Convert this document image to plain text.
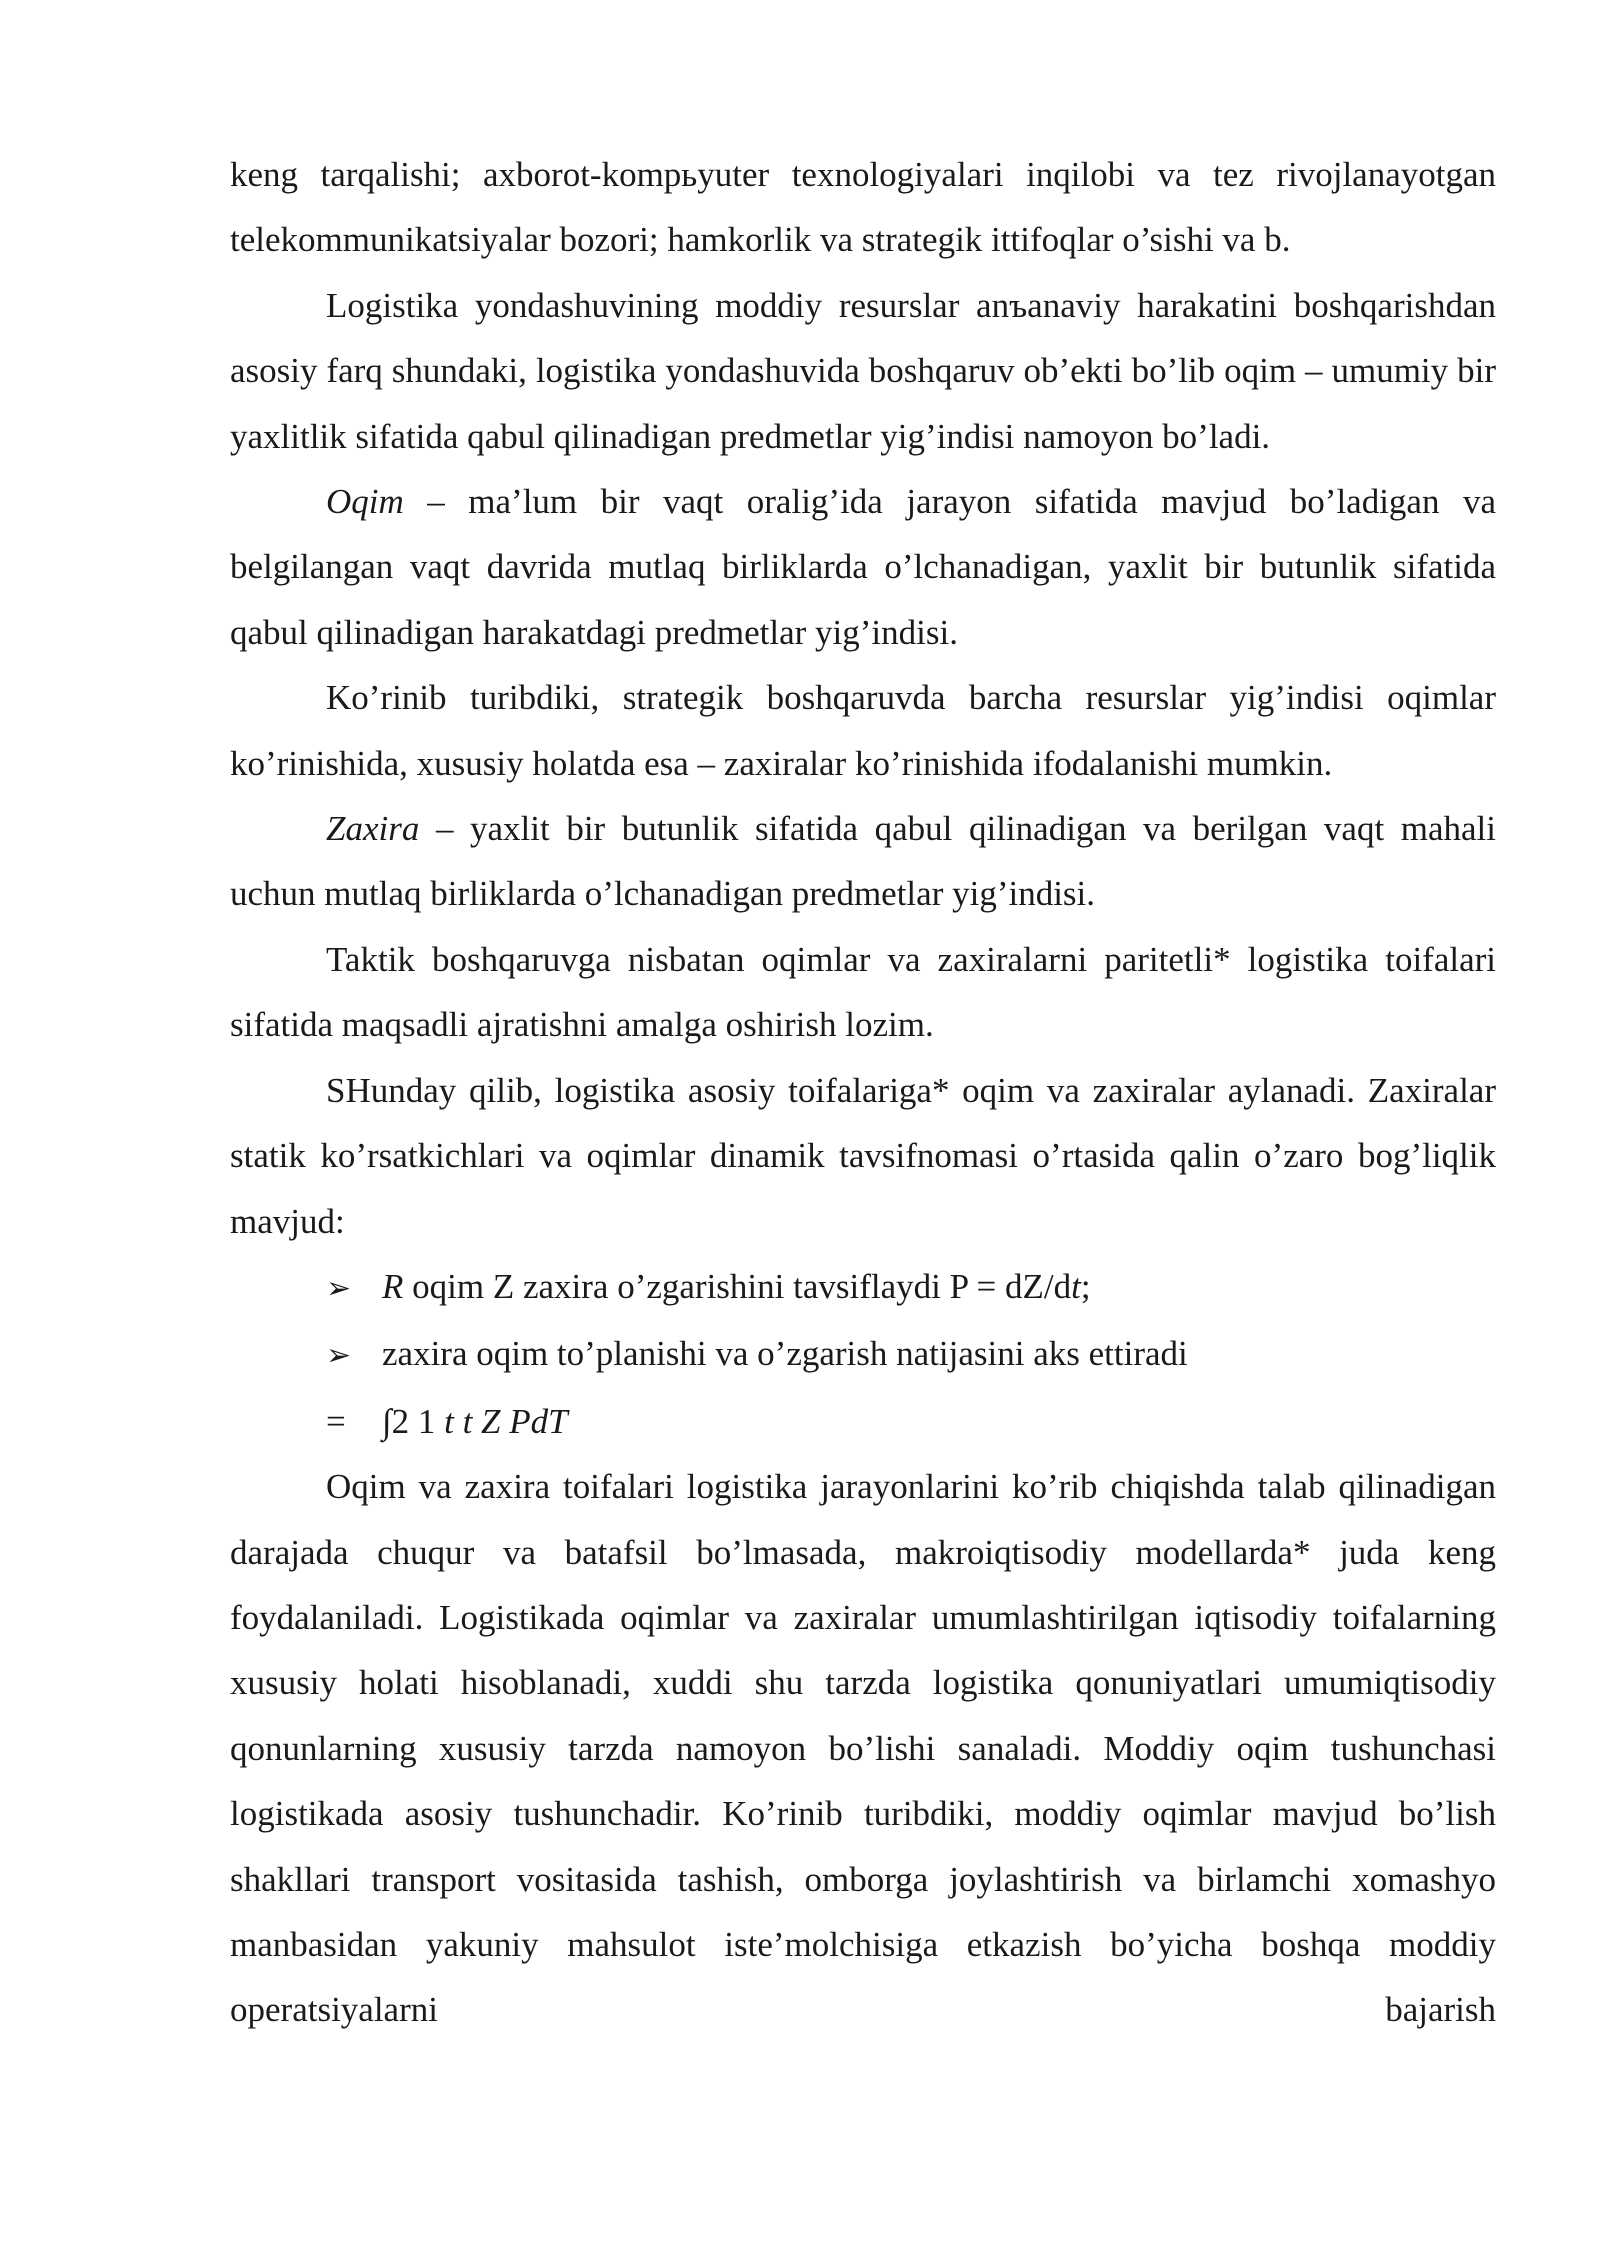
keng tarqalishi; axborot-kompьyuter texnologiyalari inqilobi va tez rivojlanayotgan telekommunikatsiyalar bozori; hamkorlik va strategik ittifoqlar o’sishi va b.

Logistika yondashuvining moddiy resurslar anъanaviy harakatini boshqarishdan asosiy farq shundaki, logistika yondashuvida boshqaruv ob’ekti bo’lib oqim – umumiy bir yaxlitlik sifatida qabul qilinadigan predmetlar yig’indisi namoyon bo’ladi.

Oqim – ma’lum bir vaqt oralig’ida jarayon sifatida mavjud bo’ladigan va belgilangan vaqt davrida mutlaq birliklarda o’lchanadigan, yaxlit bir butunlik sifatida qabul qilinadigan harakatdagi predmetlar yig’indisi.

Ko’rinib turibdiki, strategik boshqaruvda barcha resurslar yig’indisi oqimlar ko’rinishida, xususiy holatda esa – zaxiralar ko’rinishida ifodalanishi mumkin.

Zaxira – yaxlit bir butunlik sifatida qabul qilinadigan va berilgan vaqt mahali uchun mutlaq birliklarda o’lchanadigan predmetlar yig’indisi.

Taktik boshqaruvga nisbatan oqimlar va zaxiralarni paritetli* logistika toifalari sifatida maqsadli ajratishni amalga oshirish lozim.

SHunday qilib, logistika asosiy toifalariga* oqim va zaxiralar aylanadi. Zaxiralar statik ko’rsatkichlari va oqimlar dinamik tavsifnomasi o’rtasida qalin o’zaro bog’liqlik mavjud:

➢ R oqim Z zaxira o’zgarishini tavsiflaydi P = dZ/dt;
➢ zaxira oqim to’planishi va o’zgarish natijasini aks ettiradi
=	∫2 1 t t Z PdT

Oqim va zaxira toifalari logistika jarayonlarini ko’rib chiqishda talab qilinadigan darajada chuqur va batafsil bo’lmasada, makroiqtisodiy modellarda* juda keng foydalaniladi. Logistikada oqimlar va zaxiralar umumlashtirilgan iqtisodiy toifalarning xususiy holati hisoblanadi, xuddi shu tarzda logistika qonuniyatlari umumiqtisodiy qonunlarning xususiy tarzda namoyon bo’lishi sanaladi. Moddiy oqim tushunchasi logistikada asosiy tushunchadir. Ko’rinib turibdiki, moddiy oqimlar mavjud bo’lish shakllari transport vositasida tashish, omborga joylashtirish va birlamchi xomashyo manbasidan yakuniy mahsulot iste’molchisiga etkazish bo’yicha boshqa moddiy operatsiyalarni bajarish
